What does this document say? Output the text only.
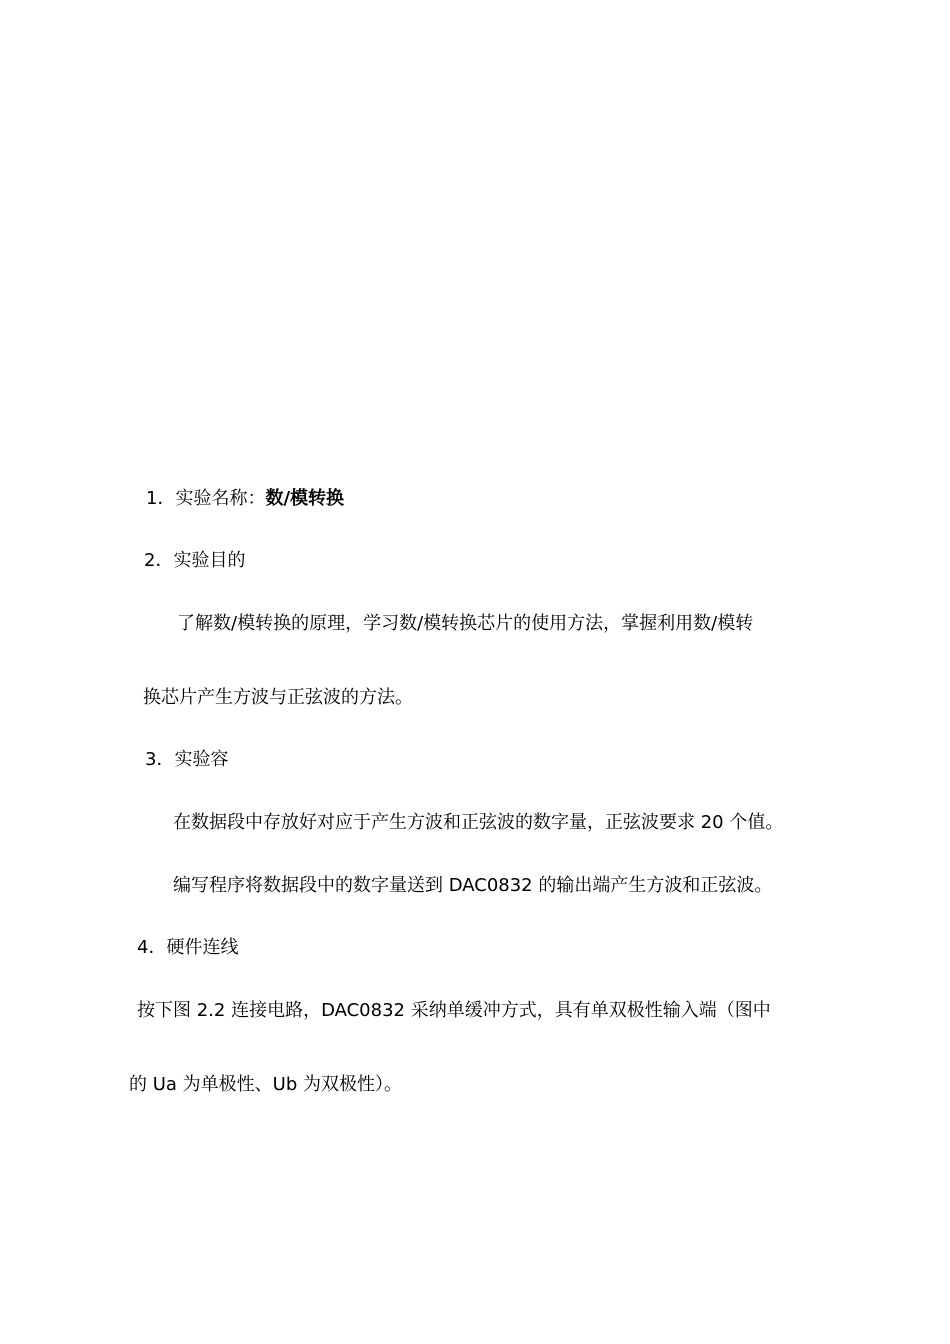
1．实验名称：数/模转换
2．实验目的
了解数/模转换的原理，学习数/模转换芯片的使用方法，掌握利用数/模转
换芯片产生方波与正弦波的方法。
3．实验容
在数据段中存放好对应于产生方波和正弦波的数字量，正弦波要求 20 个值。
编写程序将数据段中的数字量送到 DAC0832 的输出端产生方波和正弦波。
4．硬件连线
按下图 2.2 连接电路，DAC0832 采纳单缓冲方式，具有单双极性输入端（图中
的 Ua 为单极性、Ub 为双极性）。
